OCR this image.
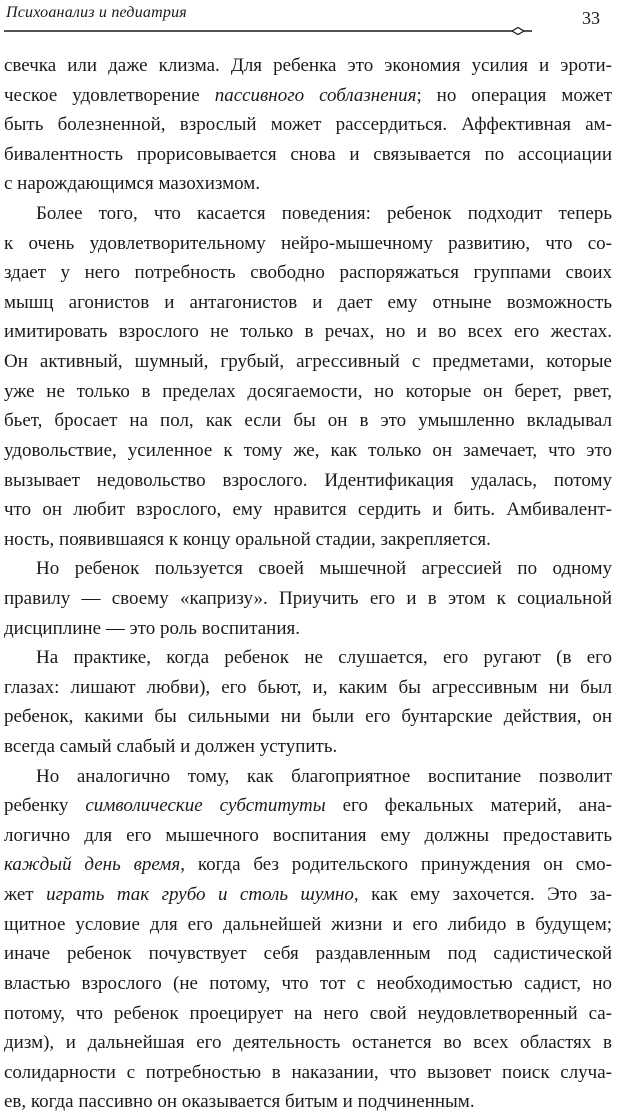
Психоанализ и педиатрия	33
свечка или даже клизма. Для ребенка это экономия усилия и эроти-
ческое удовлетворение пассивного соблазнения; но операция может
быть болезненной, взрослый может рассердиться. Аффективная ам-
бивалентность прорисовывается снова и связывается по ассоциации
с нарождающимся мазохизмом.
Более того, что касается поведения: ребенок подходит теперь
к очень удовлетворительному нейро-мышечному развитию, что со-
здает у него потребность свободно распоряжаться группами своих
мышц агонистов и антагонистов и дает ему отныне возможность
имитировать взрослого не только в речах, но и во всех его жестах.
Он активный, шумный, грубый, агрессивный с предметами, которые
уже не только в пределах досягаемости, но которые он берет, рвет,
бьет, бросает на пол, как если бы он в это умышленно вкладывал
удовольствие, усиленное к тому же, как только он замечает, что это
вызывает недовольство взрослого. Идентификация удалась, потому
что он любит взрослого, ему нравится сердить и бить. Амбивалент-
ность, появившаяся к концу оральной стадии, закрепляется.
Но ребенок пользуется своей мышечной агрессией по одному
правилу — своему «капризу». Приучить его и в этом к социальной
дисциплине — это роль воспитания.
На практике, когда ребенок не слушается, его ругают (в его
глазах: лишают любви), его бьют, и, каким бы агрессивным ни был
ребенок, какими бы сильными ни были его бунтарские действия, он
всегда самый слабый и должен уступить.
Но аналогично тому, как благоприятное воспитание позволит
ребенку символические субституты его фекальных материй, ана-
логично для его мышечного воспитания ему должны предоставить
каждый день время, когда без родительского принуждения он смо-
жет играть так грубо и столь шумно, как ему захочется. Это за-
щитное условие для его дальнейшей жизни и его либидо в будущем;
иначе ребенок почувствует себя раздавленным под садистической
властью взрослого (не потому, что тот с необходимостью садист, но
потому, что ребенок проецирует на него свой неудовлетворенный са-
дизм), и дальнейшая его деятельность останется во всех областях в
солидарности с потребностью в наказании, что вызовет поиск случа-
ев, когда пассивно он оказывается битым и подчиненным.
